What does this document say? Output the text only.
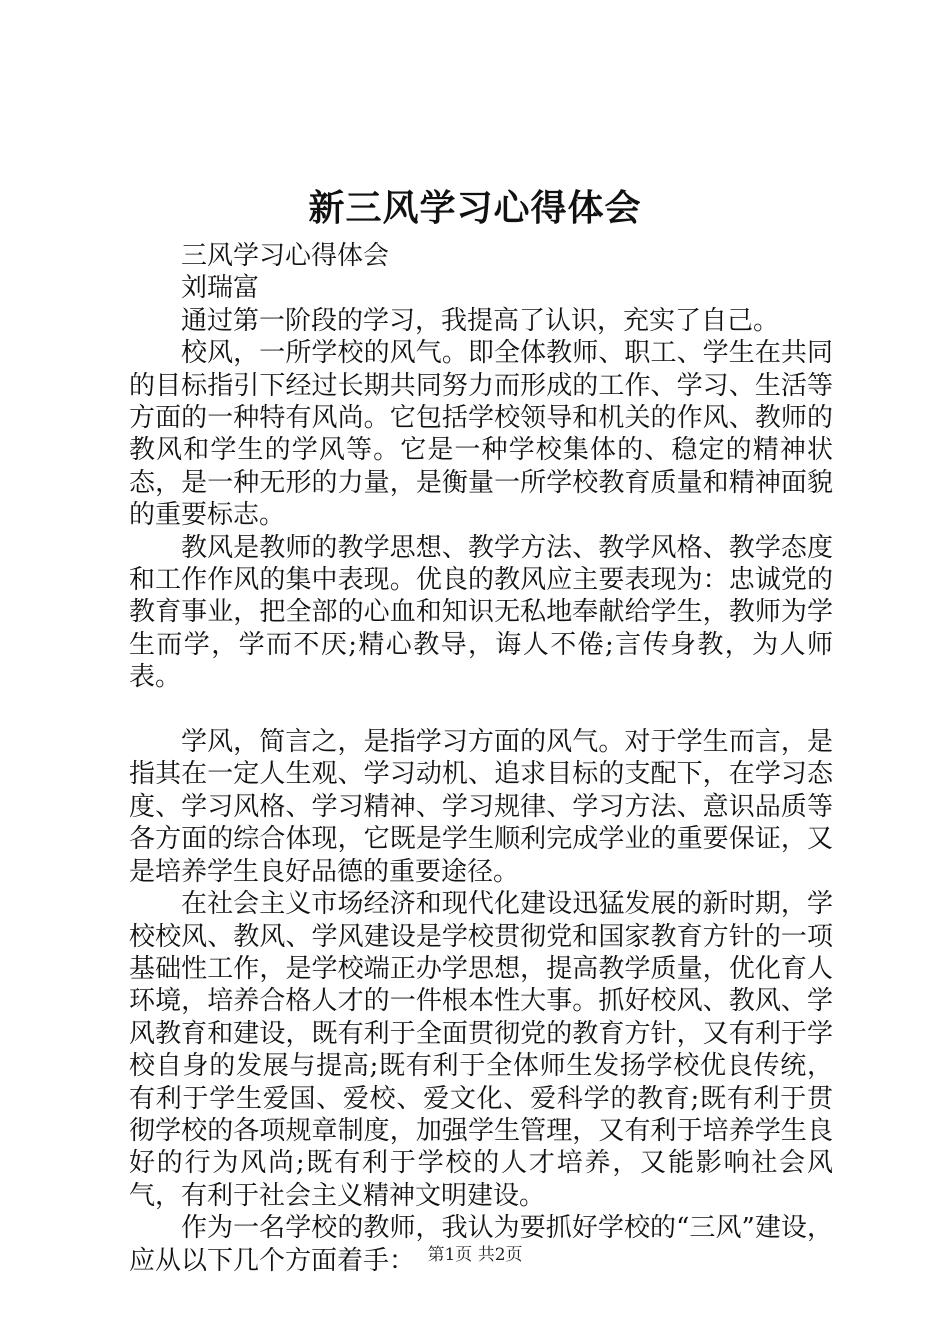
新三风学习心得体会

三风学习心得体会

刘瑞富

通过第一阶段的学习，我提高了认识，充实了自己。

校风，一所学校的风气。即全体教师、职工、学生在共同的目标指引下经过长期共同努力而形成的工作、学习、生活等方面的一种特有风尚。它包括学校领导和机关的作风、教师的教风和学生的学风等。它是一种学校集体的、稳定的精神状态，是一种无形的力量，是衡量一所学校教育质量和精神面貌的重要标志。

教风是教师的教学思想、教学方法、教学风格、教学态度和工作作风的集中表现。优良的教风应主要表现为：忠诚党的教育事业，把全部的心血和知识无私地奉献给学生，教师为学生而学，学而不厌;精心教导，诲人不倦;言传身教，为人师表。

学风，简言之，是指学习方面的风气。对于学生而言，是指其在一定人生观、学习动机、追求目标的支配下，在学习态度、学习风格、学习精神、学习规律、学习方法、意识品质等各方面的综合体现，它既是学生顺利完成学业的重要保证，又是培养学生良好品德的重要途径。

在社会主义市场经济和现代化建设迅猛发展的新时期，学校校风、教风、学风建设是学校贯彻党和国家教育方针的一项基础性工作，是学校端正办学思想，提高教学质量，优化育人环境，培养合格人才的一件根本性大事。抓好校风、教风、学风教育和建设，既有利于全面贯彻党的教育方针，又有利于学校自身的发展与提高;既有利于全体师生发扬学校优良传统，有利于学生爱国、爱校、爱文化、爱科学的教育;既有利于贯彻学校的各项规章制度，加强学生管理，又有利于培养学生良好的行为风尚;既有利于学校的人才培养，又能影响社会风气，有利于社会主义精神文明建设。

作为一名学校的教师，我认为要抓好学校的“三风”建设，应从以下几个方面着手： 第1页 共2页
